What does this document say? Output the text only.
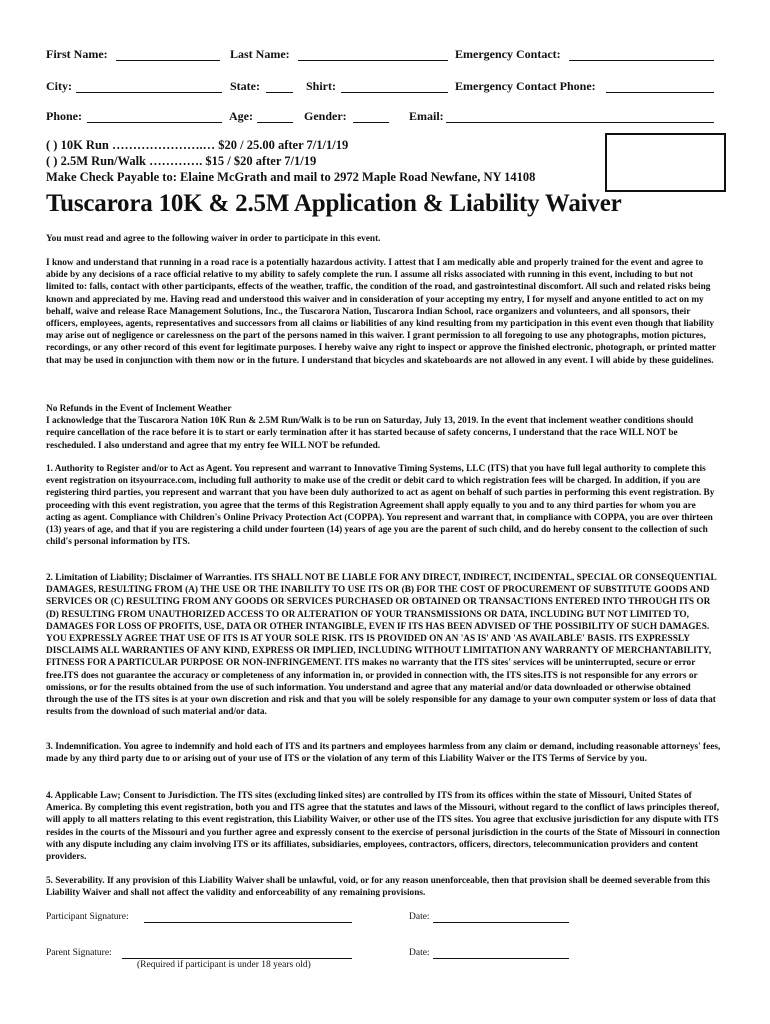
First Name:	Last Name:	Emergency Contact:
City:	State:	Shirt:	Emergency Contact Phone:
Phone:	Age:	Gender:	Email:
( ) 10K Run ………………….… $20 / 25.00 after 7/1/1/19
( ) 2.5M Run/Walk …………. $15 / $20 after 7/1/19
Make Check Payable to: Elaine McGrath and mail to 2972 Maple Road Newfane, NY 14108
Tuscarora 10K & 2.5M Application & Liability Waiver
You must read and agree to the following waiver in order to participate in this event.

I know and understand that running in a road race is a potentially hazardous activity. I attest that I am medically able and properly trained for the event and agree to abide by any decisions of a race official relative to my ability to safely complete the run. I assume all risks associated with running in this event, including to but not limited to: falls, contact with other participants, effects of the weather, traffic, the condition of the road, and gastrointestinal discomfort. All such and related risks being known and appreciated by me. Having read and understood this waiver and in consideration of your accepting my entry, I for myself and anyone entitled to act on my behalf, waive and release Race Management Solutions, Inc., the Tuscarora Nation, Tuscarora Indian School, race organizers and volunteers, and all sponsors, their officers, employees, agents, representatives and successors from all claims or liabilities of any kind resulting from my participation in this event even though that liability may arise out of negligence or carelessness on the part of the persons named in this waiver. I grant permission to all foregoing to use any photographs, motion pictures, recordings, or any other record of this event for legitimate purposes. I hereby waive any right to inspect or approve the finished electronic, photograph, or printed matter that may be used in conjunction with them now or in the future. I understand that bicycles and skateboards are not allowed in any event. I will abide by these guidelines.

No Refunds in the Event of Inclement Weather

I acknowledge that the Tuscarora Nation 10K Run & 2.5M Run/Walk is to be run on Saturday, July 13, 2019. In the event that inclement weather conditions should require cancellation of the race before it is to start or early termination after it has started because of safety concerns, I understand that the race WILL NOT be rescheduled. I also understand and agree that my entry fee WILL NOT be refunded.

1. Authority to Register and/or to Act as Agent. You represent and warrant to Innovative Timing Systems, LLC (ITS) that you have full legal authority to complete this event registration on itsyourrace.com, including full authority to make use of the credit or debit card to which registration fees will be charged. In addition, if you are registering third parties, you represent and warrant that you have been duly authorized to act as agent on behalf of such parties in performing this event registration. By proceeding with this event registration, you agree that the terms of this Registration Agreement shall apply equally to you and to any third parties for whom you are acting as agent. Compliance with Children's Online Privacy Protection Act (COPPA). You represent and warrant that, in compliance with COPPA, you are over thirteen (13) years of age, and that if you are registering a child under fourteen (14) years of age you are the parent of such child, and do hereby consent to the collection of such child's personal information by ITS.

2. Limitation of Liability; Disclaimer of Warranties. ITS SHALL NOT BE LIABLE FOR ANY DIRECT, INDIRECT, INCIDENTAL, SPECIAL OR CONSEQUENTIAL DAMAGES, RESULTING FROM (A) THE USE OR THE INABILITY TO USE ITS OR (B) FOR THE COST OF PROCUREMENT OF SUBSTITUTE GOODS AND SERVICES OR (C) RESULTING FROM ANY GOODS OR SERVICES PURCHASED OR OBTAINED OR TRANSACTIONS ENTERED INTO THROUGH ITS OR (D) RESULTING FROM UNAUTHORIZED ACCESS TO OR ALTERATION OF YOUR TRANSMISSIONS OR DATA, INCLUDING BUT NOT LIMITED TO, DAMAGES FOR LOSS OF PROFITS, USE, DATA OR OTHER INTANGIBLE, EVEN IF ITS HAS BEEN ADVISED OF THE POSSIBILITY OF SUCH DAMAGES. YOU EXPRESSLY AGREE THAT USE OF ITS IS AT YOUR SOLE RISK. ITS IS PROVIDED ON AN 'AS IS' AND 'AS AVAILABLE' BASIS. ITS EXPRESSLY DISCLAIMS ALL WARRANTIES OF ANY KIND, EXPRESS OR IMPLIED, INCLUDING WITHOUT LIMITATION ANY WARRANTY OF MERCHANTABILITY, FITNESS FOR A PARTICULAR PURPOSE OR NON-INFRINGEMENT. ITS makes no warranty that the ITS sites' services will be uninterrupted, secure or error free.ITS does not guarantee the accuracy or completeness of any information in, or provided in connection with, the ITS sites.ITS is not responsible for any errors or omissions, or for the results obtained from the use of such information. You understand and agree that any material and/or data downloaded or otherwise obtained through the use of the ITS sites is at your own discretion and risk and that you will be solely responsible for any damage to your own computer system or loss of data that results from the download of such material and/or data.

3. Indemnification. You agree to indemnify and hold each of ITS and its partners and employees harmless from any claim or demand, including reasonable attorneys' fees, made by any third party due to or arising out of your use of ITS or the violation of any term of this Liability Waiver or the ITS Terms of Service by you.

4. Applicable Law; Consent to Jurisdiction. The ITS sites (excluding linked sites) are controlled by ITS from its offices within the state of Missouri, United States of America. By completing this event registration, both you and ITS agree that the statutes and laws of the Missouri, without regard to the conflict of laws principles thereof, will apply to all matters relating to this event registration, this Liability Waiver, or other use of the ITS sites. You agree that exclusive jurisdiction for any dispute with ITS resides in the courts of the Missouri and you further agree and expressly consent to the exercise of personal jurisdiction in the courts of the State of Missouri in connection with any dispute including any claim involving ITS or its affiliates, subsidiaries, employees, contractors, officers, directors, telecommunication providers and content providers.

5. Severability. If any provision of this Liability Waiver shall be unlawful, void, or for any reason unenforceable, then that provision shall be deemed severable from this Liability Waiver and shall not affect the validity and enforceability of any remaining provisions.

Participant Signature:	Date:
Parent Signature:	Date:
(Required if participant is under 18 years old)
